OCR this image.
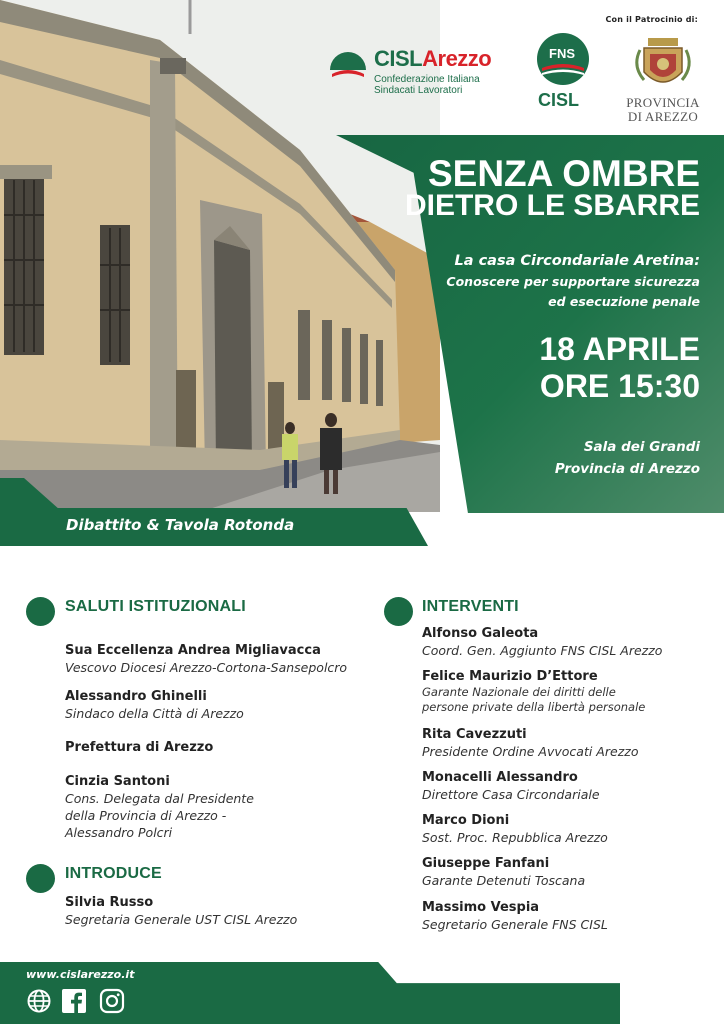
Con il Patrocinio di:
CISLArezzo
Confederazione Italiana
Sindacati Lavoratori
FNS
CISL	PROVINCIA
DI AREZZO
SENZA OMBRE
DIETRO LE SBARRE
La casa Circondariale Aretina:
Conoscere per supportare sicurezza
ed esecuzione penale
18 APRILE
ORE 15:30
Sala dei Grandi
Provincia di Arezzo
Dibattito & Tavola Rotonda
SALUTI ISTITUZIONALI
Sua Eccellenza Andrea Migliavacca
Vescovo Diocesi Arezzo-Cortona-Sansepolcro
Alessandro Ghinelli
Sindaco della Città di Arezzo
Prefettura di Arezzo
Cinzia Santoni
Cons. Delegata dal Presidente
della Provincia di Arezzo -
Alessandro Polcri
INTRODUCE
Silvia Russo
Segretaria Generale UST CISL Arezzo
INTERVENTI
Alfonso Galeota
Coord. Gen. Aggiunto FNS CISL Arezzo
Felice Maurizio D’Ettore
Garante Nazionale dei diritti delle
persone private della libertà personale
Rita Cavezzuti
Presidente Ordine Avvocati Arezzo
Monacelli Alessandro
Direttore Casa Circondariale
Marco Dioni
Sost. Proc. Repubblica Arezzo
Giuseppe Fanfani
Garante Detenuti Toscana
Massimo Vespia
Segretario Generale FNS CISL
www.cislarezzo.it
